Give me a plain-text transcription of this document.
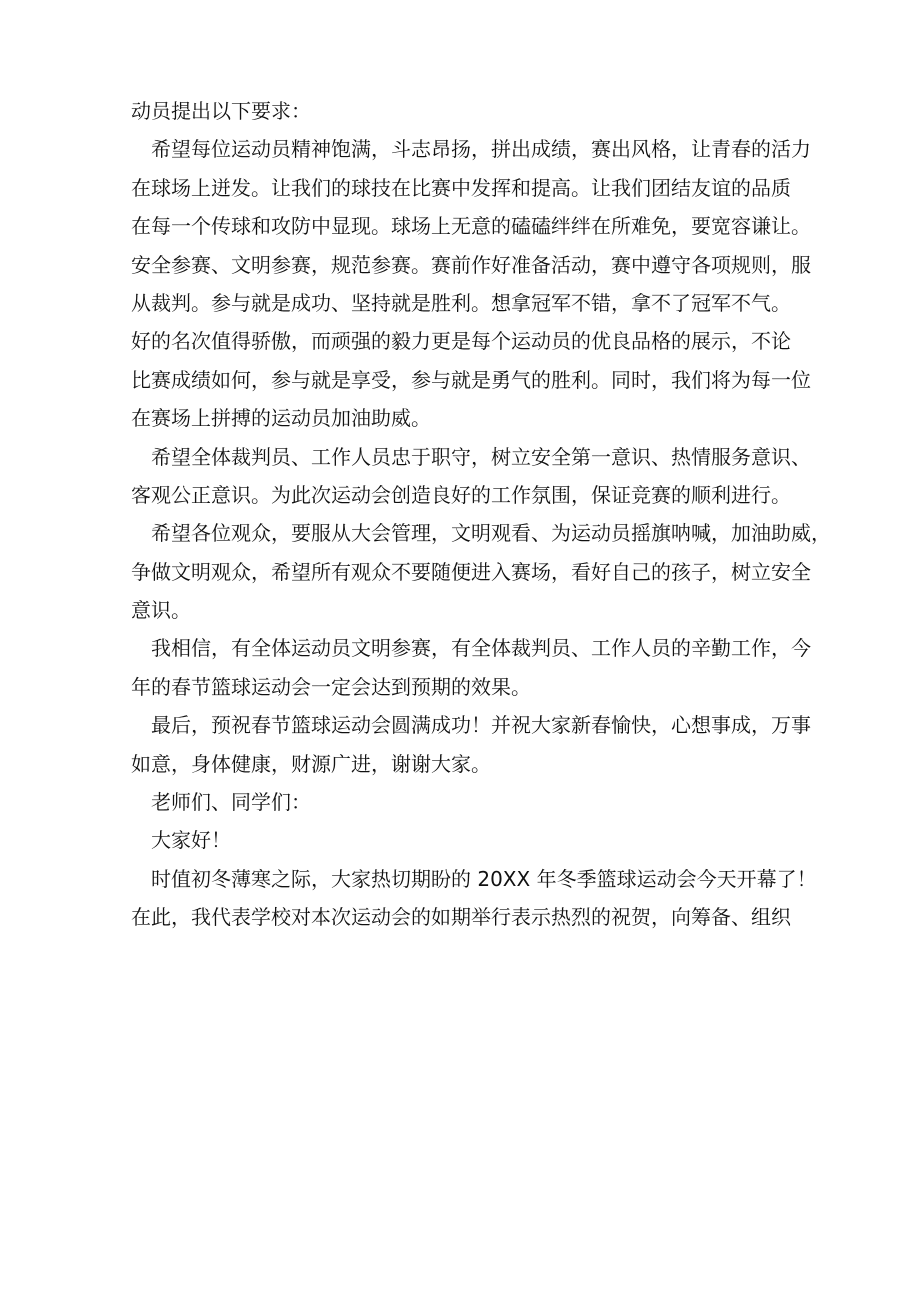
动员提出以下要求：
希望每位运动员精神饱满，斗志昂扬，拼出成绩，赛出风格，让青春的活力
在球场上迸发。让我们的球技在比赛中发挥和提高。让我们团结友谊的品质
在每一个传球和攻防中显现。球场上无意的磕磕绊绊在所难免，要宽容谦让。
安全参赛、文明参赛，规范参赛。赛前作好准备活动，赛中遵守各项规则，服
从裁判。参与就是成功、坚持就是胜利。想拿冠军不错，拿不了冠军不气。
好的名次值得骄傲，而顽强的毅力更是每个运动员的优良品格的展示，不论
比赛成绩如何，参与就是享受，参与就是勇气的胜利。同时，我们将为每一位
在赛场上拼搏的运动员加油助威。
希望全体裁判员、工作人员忠于职守，树立安全第一意识、热情服务意识、
客观公正意识。为此次运动会创造良好的工作氛围，保证竞赛的顺利进行。
希望各位观众，要服从大会管理，文明观看、为运动员摇旗呐喊，加油助威，
争做文明观众，希望所有观众不要随便进入赛场，看好自己的孩子，树立安全
意识。
我相信，有全体运动员文明参赛，有全体裁判员、工作人员的辛勤工作，今
年的春节篮球运动会一定会达到预期的效果。
最后，预祝春节篮球运动会圆满成功！并祝大家新春愉快，心想事成，万事
如意，身体健康，财源广进，谢谢大家。
老师们、同学们：
大家好！
时值初冬薄寒之际，大家热切期盼的 20XX 年冬季篮球运动会今天开幕了！
在此，我代表学校对本次运动会的如期举行表示热烈的祝贺，向筹备、组织
